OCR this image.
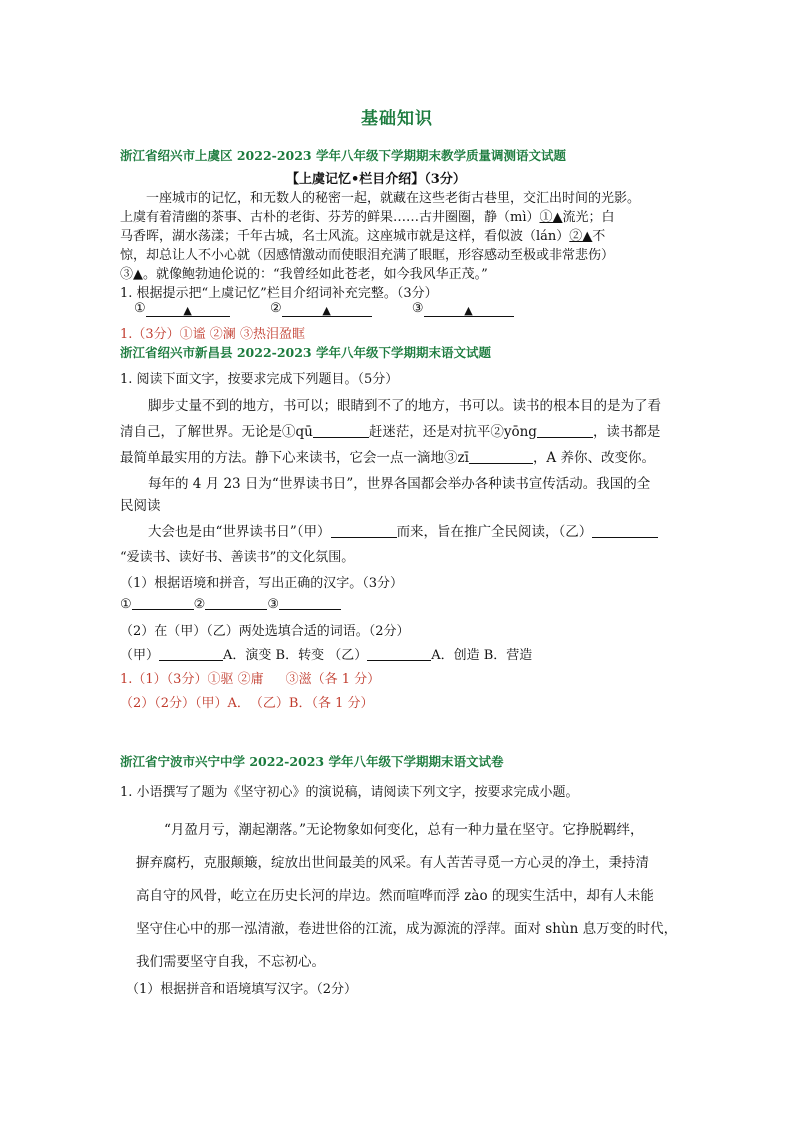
基础知识
浙江省绍兴市上虞区 2022-2023 学年八年级下学期期末教学质量调测语文试题
【上虞记忆•栏目介绍】（3分）
一座城市的记忆，和无数人的秘密一起，就藏在这些老街古巷里，交汇出时间的光影。
上虞有着清幽的茶事、古朴的老街、芬芳的鲜果……古井圈圈，静（mì）①▲流光；白
马香晖，湖水荡漾；千年古城，名士风流。这座城市就是这样，看似波（lán）②▲不
惊，却总让人不小心就（因感情激动而使眼泪充满了眼眶，形容感动至极或非常悲伤）
③▲。就像鲍勃迪伦说的：“我曾经如此苍老，如今我风华正茂。”
1. 根据提示把“上虞记忆”栏目介绍词补充完整。（3分）
①	▲	②	▲	③	▲
1.（3分）①谧 ②澜 ③热泪盈眶
浙江省绍兴市新昌县 2022-2023 学年八年级下学期期末语文试题
1. 阅读下面文字，按要求完成下列题目。（5分）
脚步丈量不到的地方，书可以；眼睛到不了的地方，书可以。读书的根本目的是为了看
清自己，了解世界。无论是①qū	赶迷茫，还是对抗平②yōng	，读书都是
最简单最实用的方法。静下心来读书，它会一点一滴地③zī	，A 养你、改变你。
每年的 4 月 23 日为“世界读书日”，世界各国都会举办各种读书宣传活动。我国的全
民阅读
大会也是由“世界读书日”（甲）	而来，旨在推广全民阅读，（乙）
“爱读书、读好书、善读书”的文化氛围。
（1）根据语境和拼音，写出正确的汉字。（3分）
①	②	③
（2）在（甲）（乙）两处选填合适的词语。（2分）
（甲）	A．演变 B．转变 （乙）	A．创造 B．营造
1.（1）（3分）①驱 ②庸 ③滋（各 1 分）
（2）（2分）（甲）A．　（乙）B．（各 1 分）
浙江省宁波市兴宁中学 2022-2023 学年八年级下学期期末语文试卷
1. 小语撰写了题为《坚守初心》的演说稿，请阅读下列文字，按要求完成小题。
“月盈月亏，潮起潮落。”无论物象如何变化，总有一种力量在坚守。它挣脱羁绊，
摒弃腐朽，克服颠簸，绽放出世间最美的风采。有人苦苦寻觅一方心灵的净土，秉持清
高自守的风骨，屹立在历史长河的岸边。然而喧哗而浮 zào 的现实生活中，却有人未能
坚守住心中的那一泓清澈，卷进世俗的江流，成为源流的浮萍。面对 shùn 息万变的时代，
我们需要坚守自我，不忘初心。
（1）根据拼音和语境填写汉字。（2分）
